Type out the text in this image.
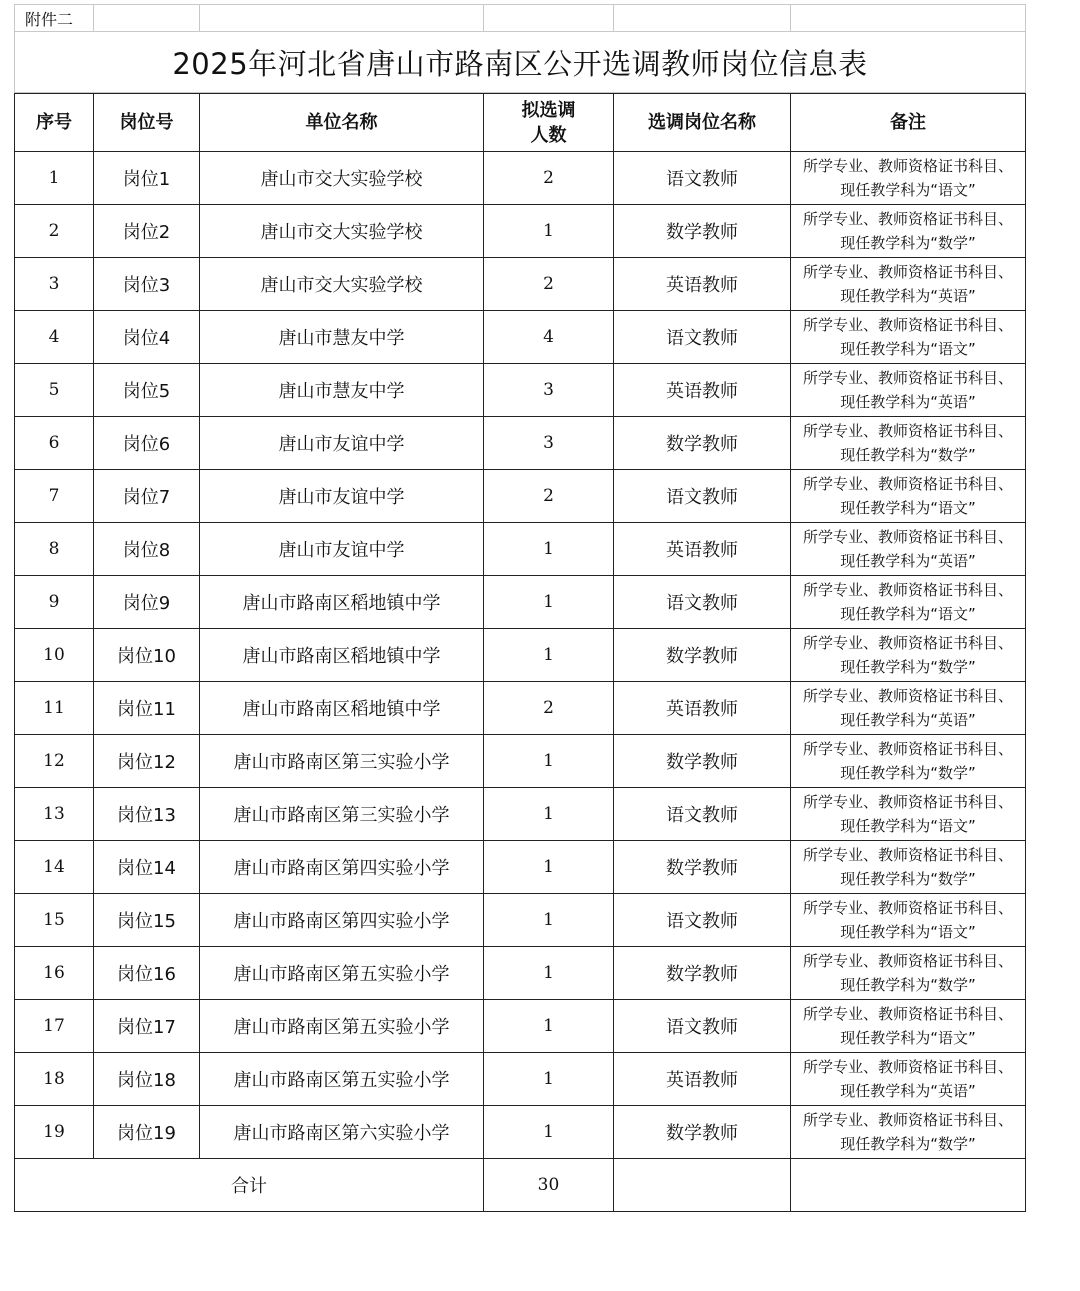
附件二					
2025年河北省唐山市路南区公开选调教师岗位信息表
序号	岗位号	单位名称	拟选调
人数	选调岗位名称	备注
1	岗位1	唐山市交大实验学校	2	语文教师	所学专业、教师资格证书科目、
现任教学科为“语文”
2	岗位2	唐山市交大实验学校	1	数学教师	所学专业、教师资格证书科目、
现任教学科为“数学”
3	岗位3	唐山市交大实验学校	2	英语教师	所学专业、教师资格证书科目、
现任教学科为“英语”
4	岗位4	唐山市慧友中学	4	语文教师	所学专业、教师资格证书科目、
现任教学科为“语文”
5	岗位5	唐山市慧友中学	3	英语教师	所学专业、教师资格证书科目、
现任教学科为“英语”
6	岗位6	唐山市友谊中学	3	数学教师	所学专业、教师资格证书科目、
现任教学科为“数学”
7	岗位7	唐山市友谊中学	2	语文教师	所学专业、教师资格证书科目、
现任教学科为“语文”
8	岗位8	唐山市友谊中学	1	英语教师	所学专业、教师资格证书科目、
现任教学科为“英语”
9	岗位9	唐山市路南区稻地镇中学	1	语文教师	所学专业、教师资格证书科目、
现任教学科为“语文”
10	岗位10	唐山市路南区稻地镇中学	1	数学教师	所学专业、教师资格证书科目、
现任教学科为“数学”
11	岗位11	唐山市路南区稻地镇中学	2	英语教师	所学专业、教师资格证书科目、
现任教学科为“英语”
12	岗位12	唐山市路南区第三实验小学	1	数学教师	所学专业、教师资格证书科目、
现任教学科为“数学”
13	岗位13	唐山市路南区第三实验小学	1	语文教师	所学专业、教师资格证书科目、
现任教学科为“语文”
14	岗位14	唐山市路南区第四实验小学	1	数学教师	所学专业、教师资格证书科目、
现任教学科为“数学”
15	岗位15	唐山市路南区第四实验小学	1	语文教师	所学专业、教师资格证书科目、
现任教学科为“语文”
16	岗位16	唐山市路南区第五实验小学	1	数学教师	所学专业、教师资格证书科目、
现任教学科为“数学”
17	岗位17	唐山市路南区第五实验小学	1	语文教师	所学专业、教师资格证书科目、
现任教学科为“语文”
18	岗位18	唐山市路南区第五实验小学	1	英语教师	所学专业、教师资格证书科目、
现任教学科为“英语”
19	岗位19	唐山市路南区第六实验小学	1	数学教师	所学专业、教师资格证书科目、
现任教学科为“数学”
合计			30		
